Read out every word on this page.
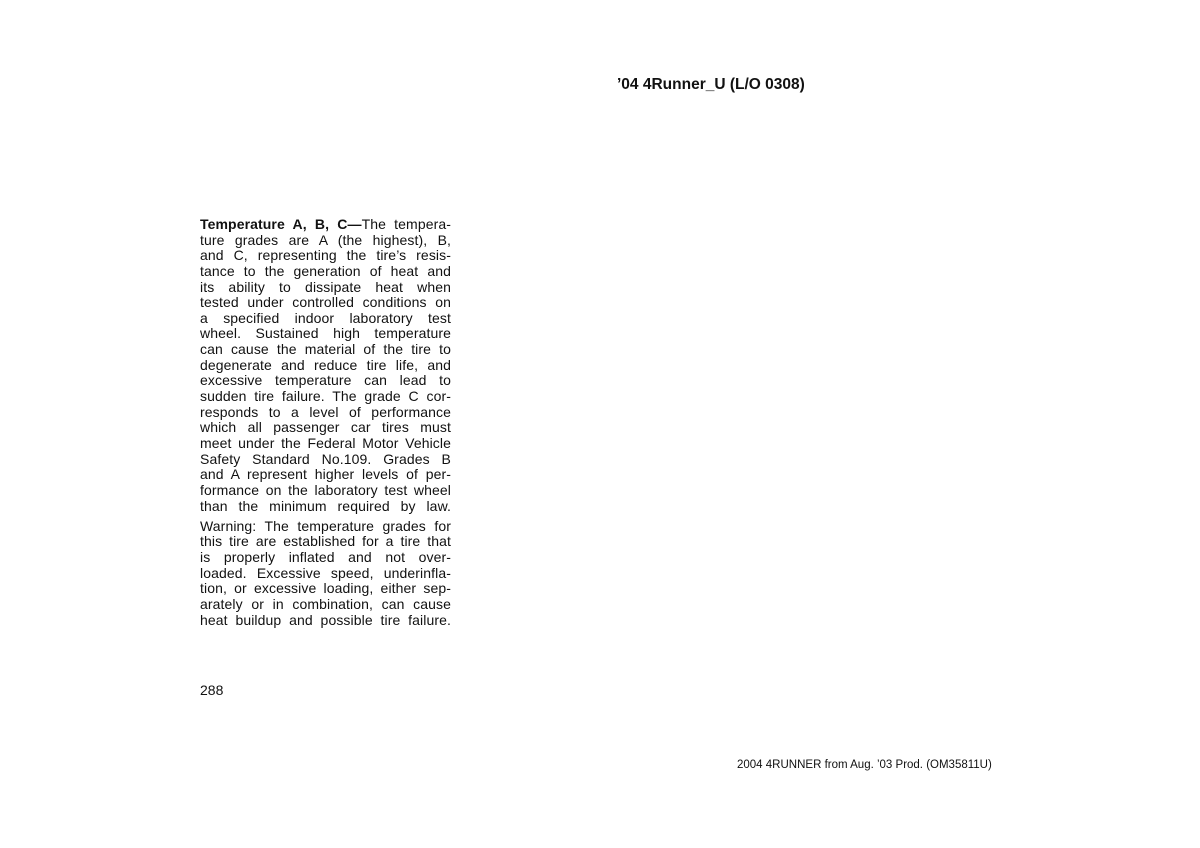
’04 4Runner_U (L/O 0308)
Temperature A, B, C—The tempera-
ture grades are A (the highest), B,
and C, representing the tire’s resis-
tance to the generation of heat and
its ability to dissipate heat when
tested under controlled conditions on
a specified indoor laboratory test
wheel. Sustained high temperature
can cause the material of the tire to
degenerate and reduce tire life, and
excessive temperature can lead to
sudden tire failure. The grade C cor-
responds to a level of performance
which all passenger car tires must
meet under the Federal Motor Vehicle
Safety Standard No.109. Grades B
and A represent higher levels of per-
formance on the laboratory test wheel
than the minimum required by law.
Warning: The temperature grades for
this tire are established for a tire that
is properly inflated and not over-
loaded. Excessive speed, underinfla-
tion, or excessive loading, either sep-
arately or in combination, can cause
heat buildup and possible tire failure.
288
2004 4RUNNER from Aug. ’03 Prod. (OM35811U)
